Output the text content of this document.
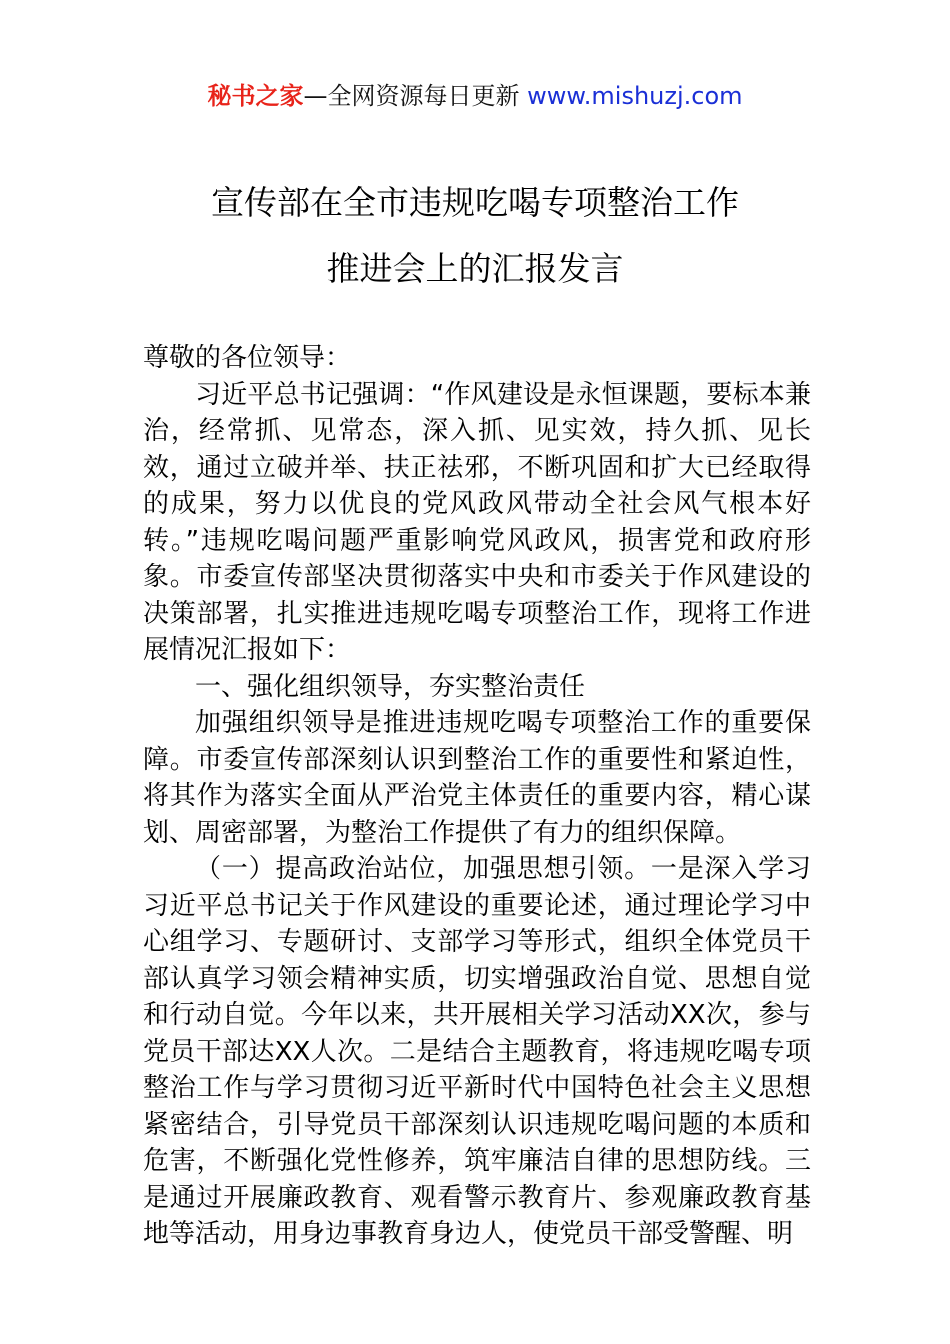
秘书之家—全网资源每日更新 www.mishuzj.com
宣传部在全市违规吃喝专项整治工作
推进会上的汇报发言

尊敬的各位领导：

习近平总书记强调：“作风建设是永恒课题，要标本兼治，经常抓、见常态，深入抓、见实效，持久抓、见长效，通过立破并举、扶正祛邪，不断巩固和扩大已经取得的成果，努力以优良的党风政风带动全社会风气根本好转。”违规吃喝问题严重影响党风政风，损害党和政府形象。市委宣传部坚决贯彻落实中央和市委关于作风建设的决策部署，扎实推进违规吃喝专项整治工作，现将工作进展情况汇报如下：

一、强化组织领导，夯实整治责任

加强组织领导是推进违规吃喝专项整治工作的重要保障。市委宣传部深刻认识到整治工作的重要性和紧迫性，将其作为落实全面从严治党主体责任的重要内容，精心谋划、周密部署，为整治工作提供了有力的组织保障。

（一）提高政治站位，加强思想引领。一是深入学习习近平总书记关于作风建设的重要论述，通过理论学习中心组学习、专题研讨、支部学习等形式，组织全体党员干部认真学习领会精神实质，切实增强政治自觉、思想自觉和行动自觉。今年以来，共开展相关学习活动XX次，参与党员干部达XX人次。二是结合主题教育，将违规吃喝专项整治工作与学习贯彻习近平新时代中国特色社会主义思想紧密结合，引导党员干部深刻认识违规吃喝问题的本质和危害，不断强化党性修养，筑牢廉洁自律的思想防线。三是通过开展廉政教育、观看警示教育片、参观廉政教育基地等活动，用身边事教育身边人，使党员干部受警醒、明
